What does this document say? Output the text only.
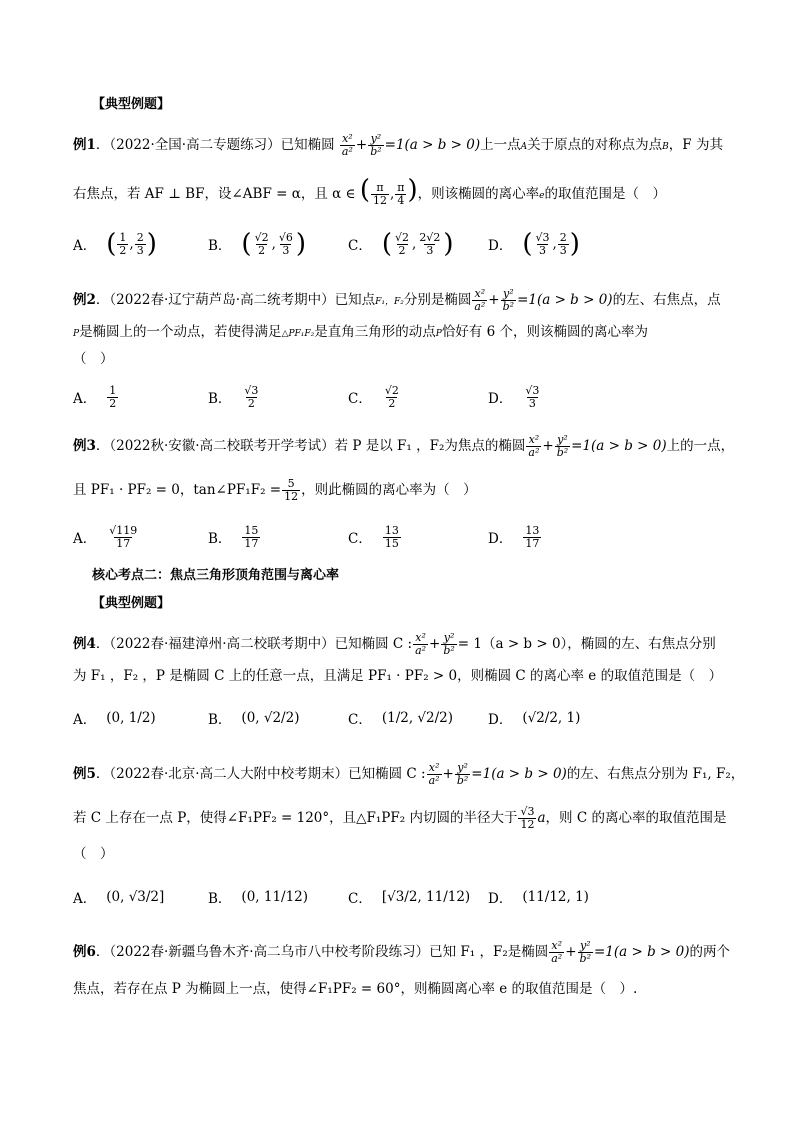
【典型例题】
例1．（2022·全国·高二专题练习）已知椭圆 $\frac{\text{x²}}{\text{a²}} + \frac{\text{y²}}{\text{b²}} =1(a > b > 0)$上一点A关于原点的对称点为点B，F 为其
右焦点，若 AF ⊥ BF，设∠ABF = α，且 α ∈ ( $\frac{\pi}{12}$ , $\frac{\pi}{4}$ )，则该椭圆的离心率e的取值范围是（　）
A． ( $\frac{1}{2}$ , $\frac{2}{3}$ )	B． ( $\frac{√2}{2}$ , $\frac{√6}{3}$ )	C． ( $\frac{√2}{2}$ , $\frac{2√2}{3}$ )	D． ( $\frac{√3}{3}$ , $\frac{2}{3}$ )
例2．（2022春·辽宁葫芦岛·高二统考期中）已知点F₁，F₂分别是椭圆 $\frac{\text{x²}}{\text{a²}} + \frac{\text{y²}}{\text{b²}} =1(a > b > 0)$的左、右焦点，点
P是椭圆上的一个动点，若使得满足△PF₁F₂是直角三角形的动点P恰好有 6 个，则该椭圆的离心率为
（　）
A． $\frac{1}{2}$	B． $\frac{√3}{2}$	C． $\frac{√2}{2}$	D． $\frac{√3}{3}$
例3．（2022秋·安徽·高二校联考开学考试）若 P 是以 F₁ ，F₂为焦点的椭圆 $\frac{\text{x²}}{\text{a²}} + \frac{\text{y²}}{\text{b²}} =1(a > b > 0)$上的一点，
且 PF₁ · PF₂ = 0，tan∠PF₁F₂ = $\frac{5}{12}$ ，则此椭圆的离心率为（　）
A． $\frac{√119}{17}$	B． $\frac{15}{17}$	C． $\frac{13}{15}$	D． $\frac{13}{17}$
核心考点二：焦点三角形顶角范围与离心率
【典型例题】
例4．（2022春·福建漳州·高二校联考期中）已知椭圆 C : $\frac{\text{x²}}{\text{a²}} + \frac{\text{y²}}{\text{b²}} = 1(a > b > 0)$，椭圆的左、右焦点分别
为 F₁ ，F₂ ，P 是椭圆 C 上的任意一点，且满足 PF₁ · PF₂ > 0，则椭圆 C 的离心率 e 的取值范围是（　）
A． (0, 1/2)	B． (0, √2/2)	C． (1/2, √2/2)	D． (√2/2, 1)
例5．（2022春·北京·高二人大附中校考期末）已知椭圆 C : $\frac{\text{x²}}{\text{a²}} + \frac{\text{y²}}{\text{b²}} =1(a > b > 0)$的左、右焦点分别为 F₁, F₂，
若 C 上存在一点 P，使得∠F₁PF₂ = 120°，且△F₁PF₂ 内切圆的半径大于 $\frac{√3}{12}$ a，则 C 的离心率的取值范围是
（　）
A． (0, √3/2]	B． (0, 11/12)	C． [√3/2, 11/12) D． (11/12, 1)
例6．（2022春·新疆乌鲁木齐·高二乌市八中校考阶段练习）已知 F₁ ，F₂是椭圆 $\frac{\text{x²}}{\text{a²}} + \frac{\text{y²}}{\text{b²}} =1(a > b > 0)$的两个
焦点，若存在点 P 为椭圆上一点，使得∠F₁PF₂ = 60°，则椭圆离心率 e 的取值范围是（　）.
